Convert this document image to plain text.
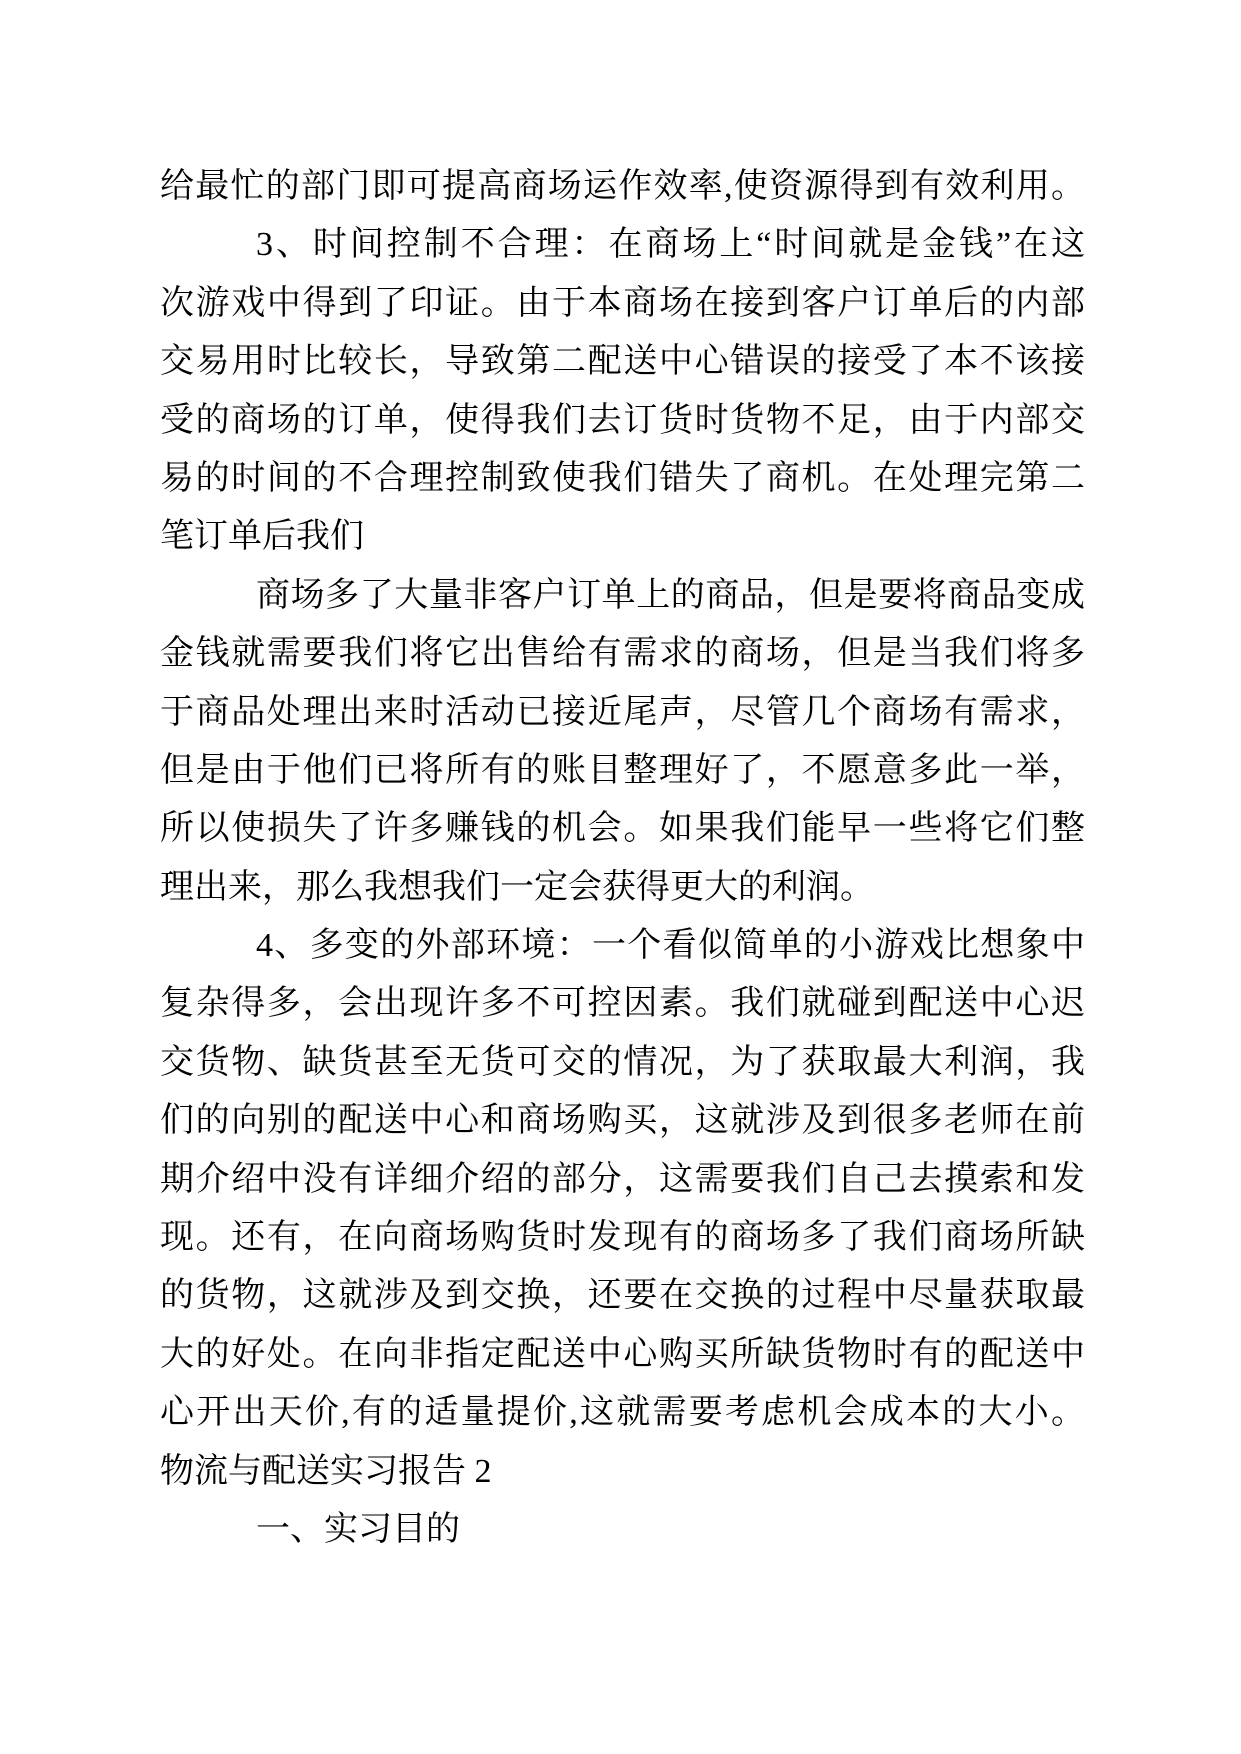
给最忙的部门即可提高商场运作效率,使资源得到有效利用。
3、时间控制不合理：在商场上“时间就是金钱”在这
次游戏中得到了印证。由于本商场在接到客户订单后的内部
交易用时比较长，导致第二配送中心错误的接受了本不该接
受的商场的订单，使得我们去订货时货物不足，由于内部交
易的时间的不合理控制致使我们错失了商机。在处理完第二
笔订单后我们
商场多了大量非客户订单上的商品，但是要将商品变成
金钱就需要我们将它出售给有需求的商场，但是当我们将多
于商品处理出来时活动已接近尾声，尽管几个商场有需求，
但是由于他们已将所有的账目整理好了，不愿意多此一举，
所以使损失了许多赚钱的机会。如果我们能早一些将它们整
理出来，那么我想我们一定会获得更大的利润。
4、多变的外部环境：一个看似简单的小游戏比想象中
复杂得多，会出现许多不可控因素。我们就碰到配送中心迟
交货物、缺货甚至无货可交的情况，为了获取最大利润，我
们的向别的配送中心和商场购买，这就涉及到很多老师在前
期介绍中没有详细介绍的部分，这需要我们自己去摸索和发
现。还有，在向商场购货时发现有的商场多了我们商场所缺
的货物，这就涉及到交换，还要在交换的过程中尽量获取最
大的好处。在向非指定配送中心购买所缺货物时有的配送中
心开出天价,有的适量提价,这就需要考虑机会成本的大小。
物流与配送实习报告 2
一、实习目的
